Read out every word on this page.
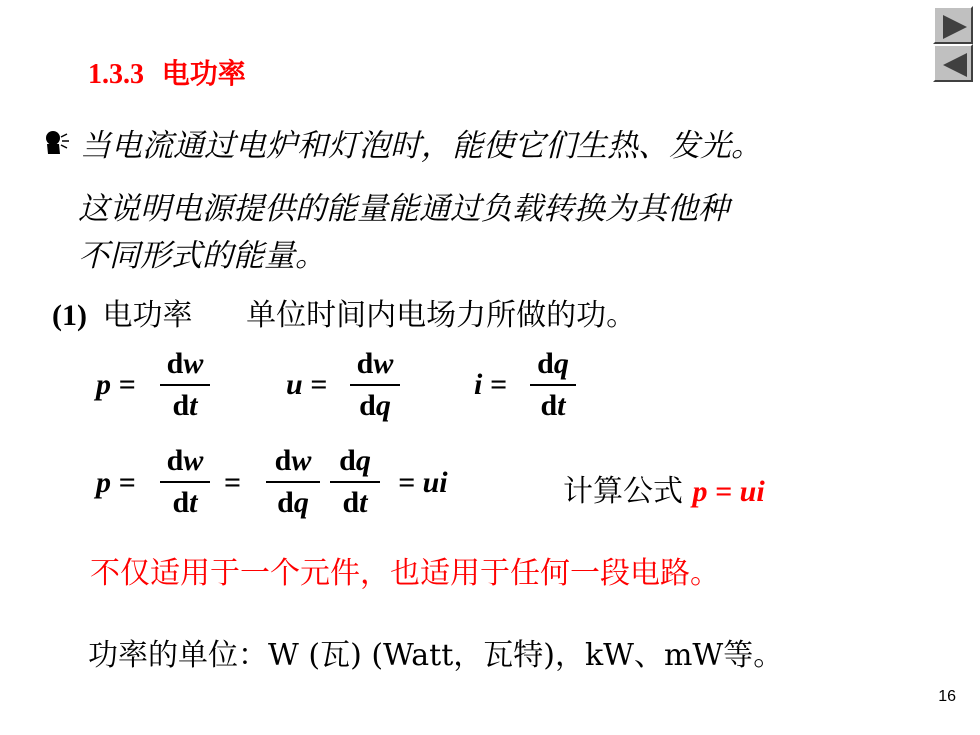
1.3.3 电功率
当电流通过电炉和灯泡时，能使它们生热、发光。
这说明电源提供的能量能通过负载转换为其他种
不同形式的能量。
(1) 电功率 单位时间内电场力所做的功。
p =
dw
dt
u =
dw
dq
i =
dq
dt
p =
dw
dt
=
dw
dq
dq
dt
= ui	计算公式 p = ui
不仅适用于一个元件，也适用于任何一段电路。
功率的单位：W (瓦) (Watt，瓦特)，kW、mW等。
16
